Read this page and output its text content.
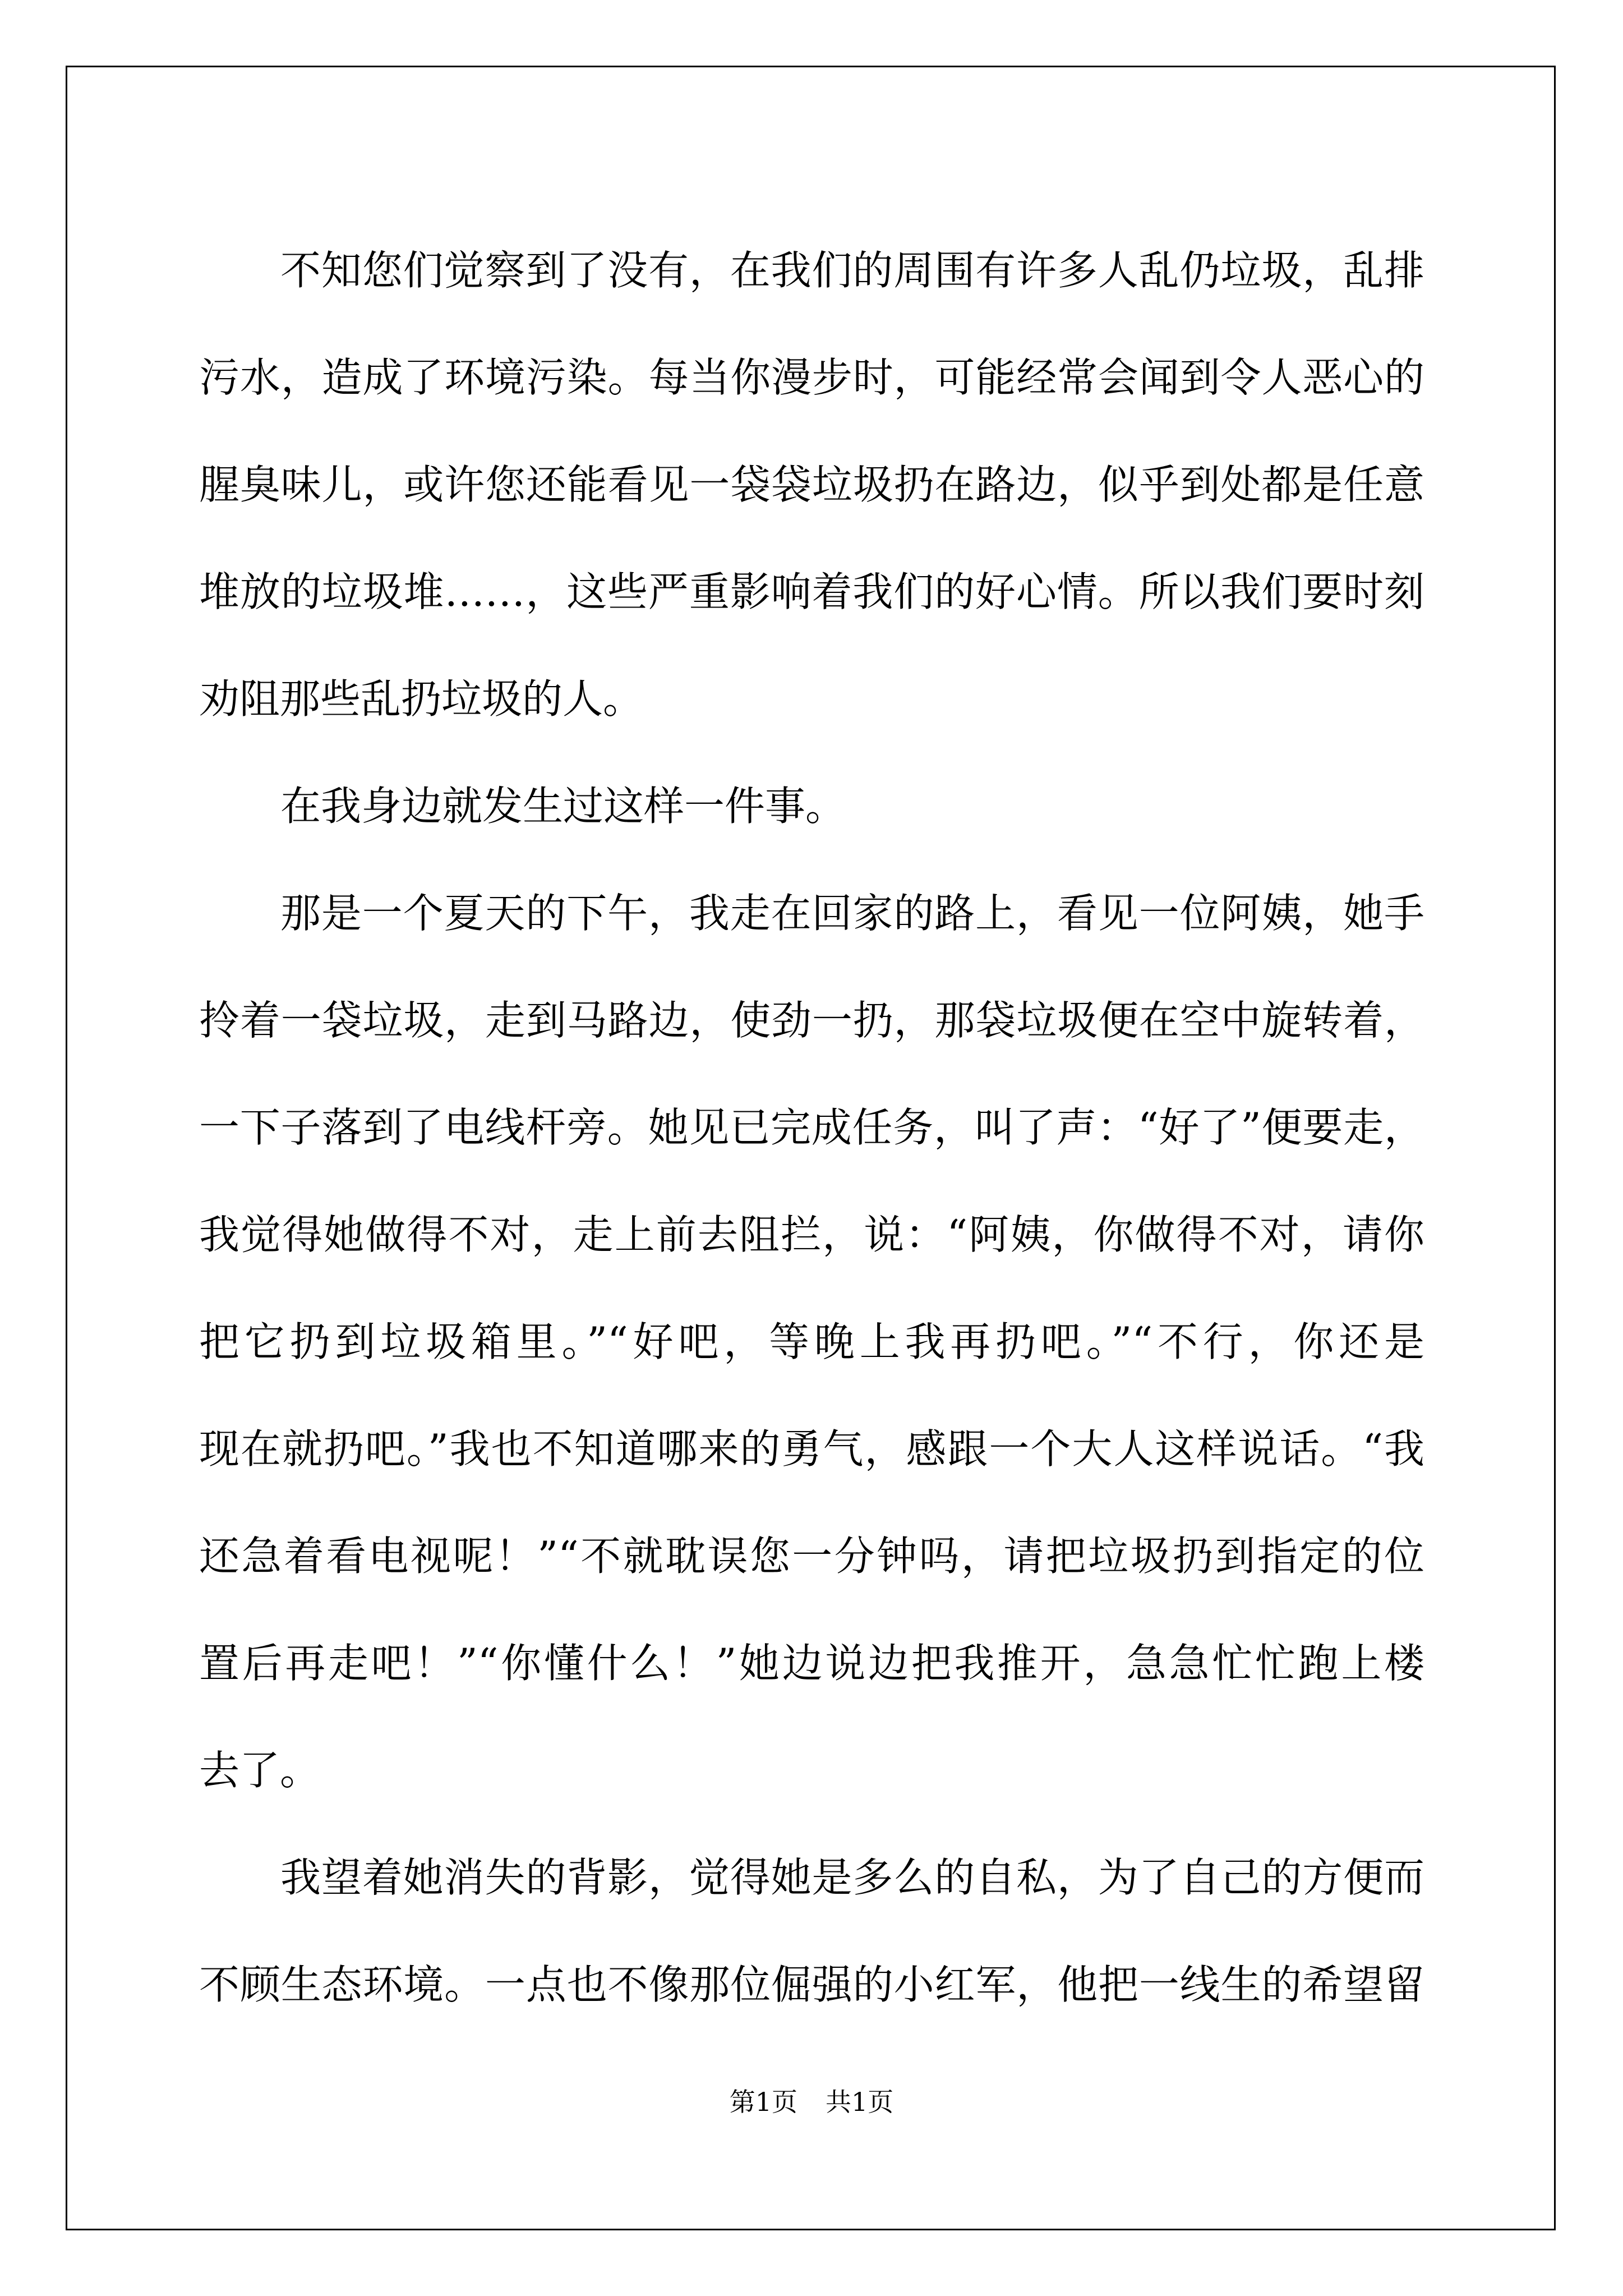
不知您们觉察到了没有，在我们的周围有许多人乱仍垃圾，乱排
污水，造成了环境污染。每当你漫步时，可能经常会闻到令人恶心的
腥臭味儿，或许您还能看见一袋袋垃圾扔在路边，似乎到处都是任意
堆放的垃圾堆……，这些严重影响着我们的好心情。所以我们要时刻
劝阻那些乱扔垃圾的人。
在我身边就发生过这样一件事。
那是一个夏天的下午，我走在回家的路上，看见一位阿姨，她手
拎着一袋垃圾，走到马路边，使劲一扔，那袋垃圾便在空中旋转着，
一下子落到了电线杆旁。她见已完成任务，叫了声：“好了”便要走，
我觉得她做得不对，走上前去阻拦，说：“阿姨，你做得不对，请你
把它扔到垃圾箱里。”“好吧，等晚上我再扔吧。”“不行，你还是
现在就扔吧。”我也不知道哪来的勇气，感跟一个大人这样说话。“我
还急着看电视呢！”“不就耽误您一分钟吗，请把垃圾扔到指定的位
置后再走吧！”“你懂什么！”她边说边把我推开，急急忙忙跑上楼
去了。
我望着她消失的背影，觉得她是多么的自私，为了自己的方便而
不顾生态环境。一点也不像那位倔强的小红军，他把一线生的希望留
第1页 共1页
